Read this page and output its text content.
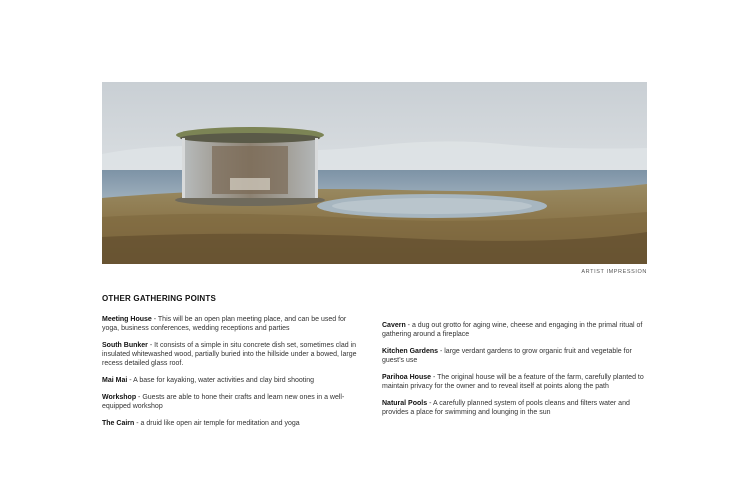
ARTIST IMPRESSION
OTHER GATHERING POINTS

Meeting House - This will be an open plan meeting place, and can be used for yoga, business conferences, wedding receptions and parties

South Bunker - It consists of a simple in situ concrete dish set, sometimes clad in insulated whitewashed wood, partially buried into the hillside under a bowed, large recess detailed glass roof.

Mai Mai - A base for kayaking, water activities and clay bird shooting

Workshop - Guests are able to hone their crafts and learn new ones in a well-equipped workshop

The Cairn - a druid like open air temple for meditation and yoga

Cavern - a dug out grotto for aging wine, cheese and engaging in the primal ritual of gathering around a fireplace

Kitchen Gardens - large verdant gardens to grow organic fruit and vegetable for guest’s use

Parihoa House - The original house will be a feature of the farm, carefully planted to maintain privacy for the owner and to reveal itself at points along the path

Natural Pools - A carefully planned system of pools cleans and filters water and provides a place for swimming and lounging in the sun
